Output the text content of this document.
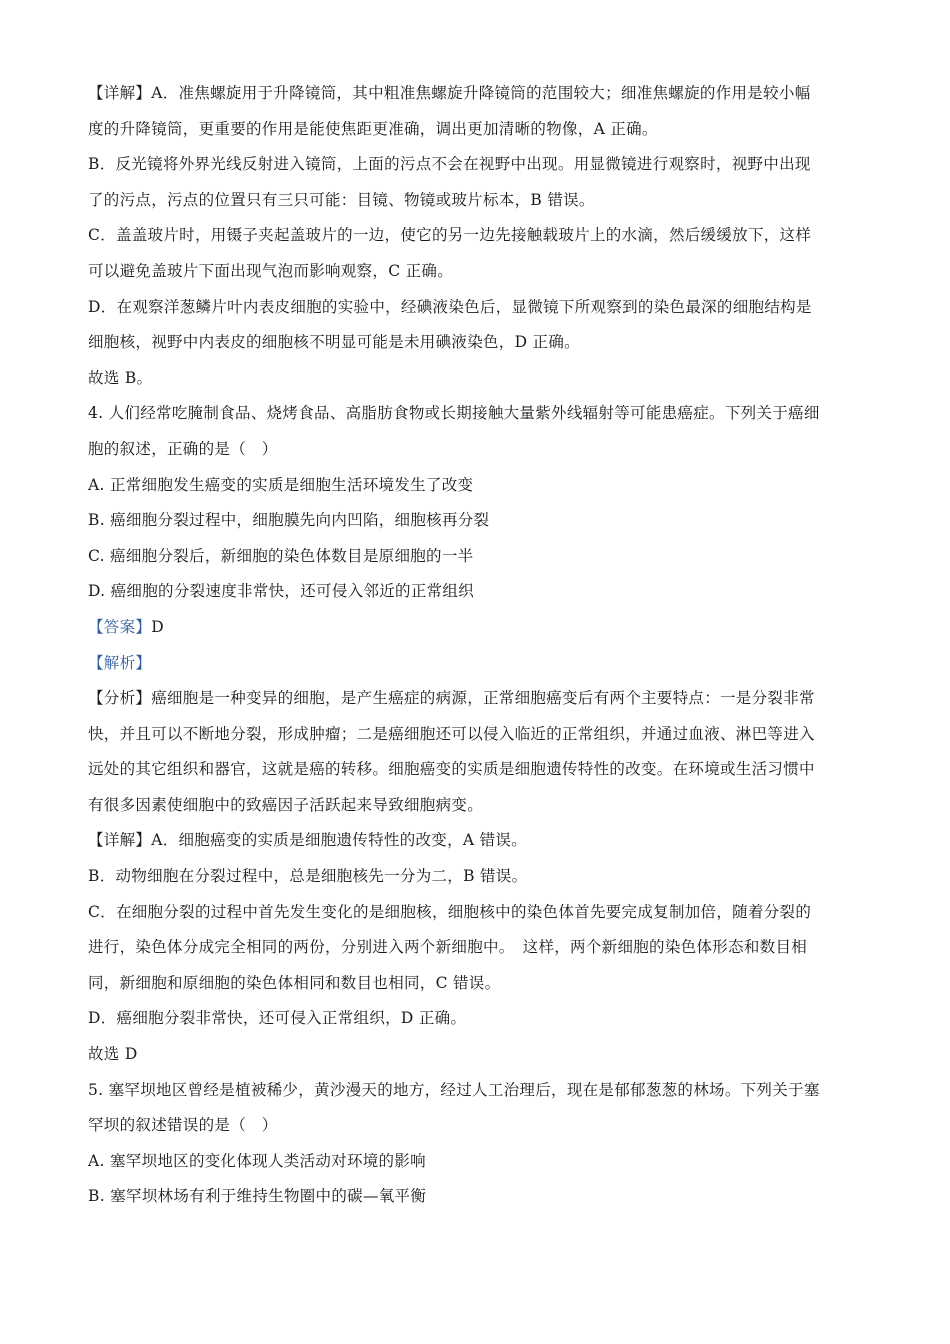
【详解】A．准焦螺旋用于升降镜筒，其中粗准焦螺旋升降镜筒的范围较大；细准焦螺旋的作用是较小幅
度的升降镜筒，更重要的作用是能使焦距更准确，调出更加清晰的物像，A 正确。
B．反光镜将外界光线反射进入镜筒，上面的污点不会在视野中出现。用显微镜进行观察时，视野中出现
了的污点，污点的位置只有三只可能：目镜、物镜或玻片标本，B 错误。
C．盖盖玻片时，用镊子夹起盖玻片的一边，使它的另一边先接触载玻片上的水滴，然后缓缓放下，这样
可以避免盖玻片下面出现气泡而影响观察，C 正确。
D．在观察洋葱鳞片叶内表皮细胞的实验中，经碘液染色后，显微镜下所观察到的染色最深的细胞结构是
细胞核，视野中内表皮的细胞核不明显可能是未用碘液染色，D 正确。
故选 B。
4. 人们经常吃腌制食品、烧烤食品、高脂肪食物或长期接触大量紫外线辐射等可能患癌症。下列关于癌细
胞的叙述，正确的是（　）
A. 正常细胞发生癌变的实质是细胞生活环境发生了改变
B. 癌细胞分裂过程中，细胞膜先向内凹陷，细胞核再分裂
C. 癌细胞分裂后，新细胞的染色体数目是原细胞的一半
D. 癌细胞的分裂速度非常快，还可侵入邻近的正常组织
【答案】D
【解析】
【分析】癌细胞是一种变异的细胞，是产生癌症的病源，正常细胞癌变后有两个主要特点：一是分裂非常
快，并且可以不断地分裂，形成肿瘤；二是癌细胞还可以侵入临近的正常组织，并通过血液、淋巴等进入
远处的其它组织和器官，这就是癌的转移。细胞癌变的实质是细胞遗传特性的改变。在环境或生活习惯中
有很多因素使细胞中的致癌因子活跃起来导致细胞病变。
【详解】A．细胞癌变的实质是细胞遗传特性的改变，A 错误。
B．动物细胞在分裂过程中，总是细胞核先一分为二，B 错误。
C．在细胞分裂的过程中首先发生变化的是细胞核，细胞核中的染色体首先要完成复制加倍，随着分裂的
进行，染色体分成完全相同的两份，分别进入两个新细胞中。　这样，两个新细胞的染色体形态和数目相
同，新细胞和原细胞的染色体相同和数目也相同，C 错误。
D．癌细胞分裂非常快，还可侵入正常组织，D 正确。
故选 D
5. 塞罕坝地区曾经是植被稀少，黄沙漫天的地方，经过人工治理后，现在是郁郁葱葱的林场。下列关于塞
罕坝的叙述错误的是（　）
A. 塞罕坝地区的变化体现人类活动对环境的影响
B. 塞罕坝林场有利于维持生物圈中的碳—氧平衡
